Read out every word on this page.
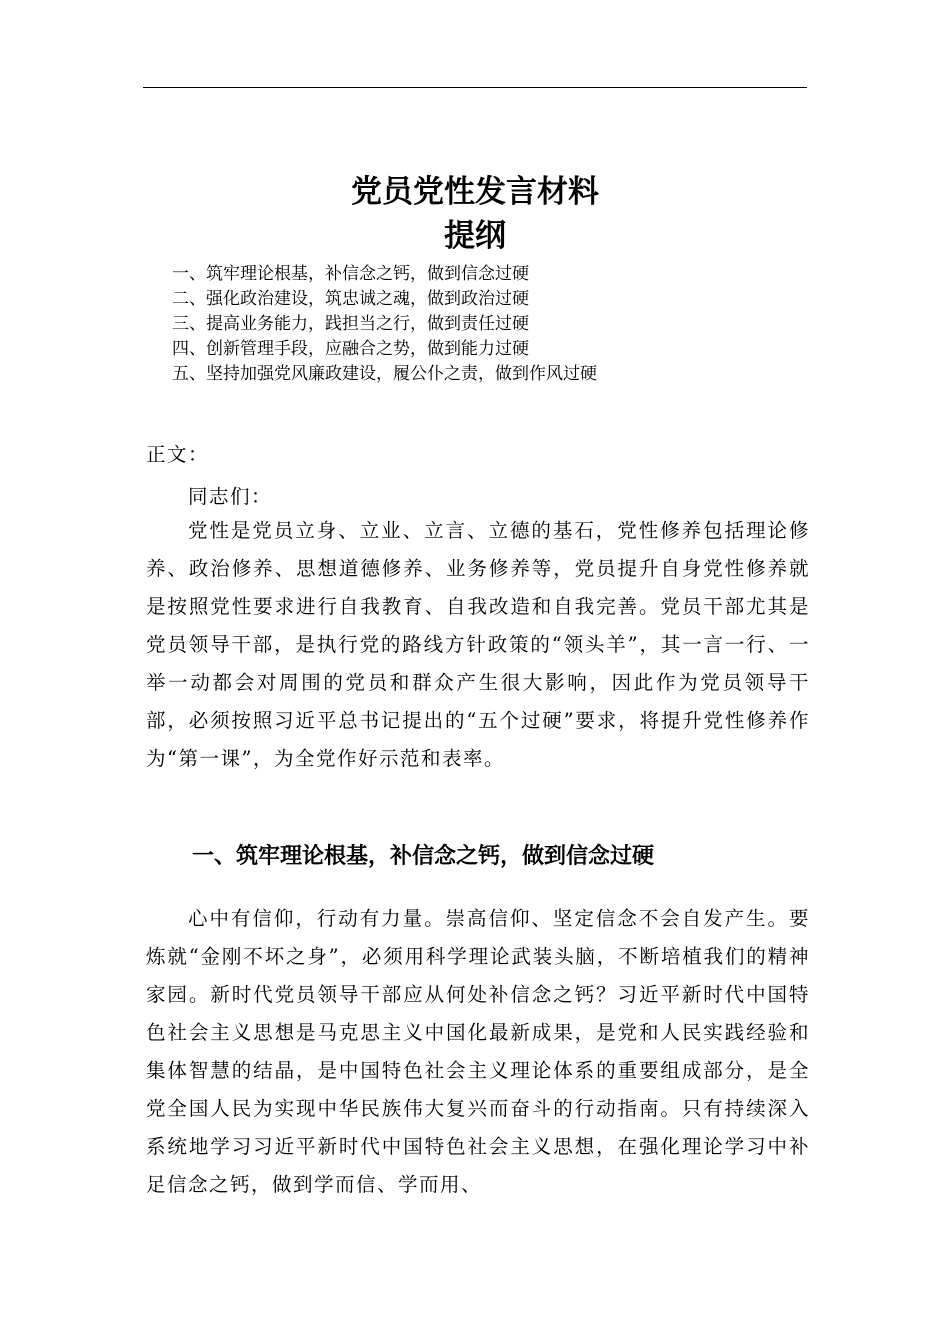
党员党性发言材料
提纲
一、筑牢理论根基，补信念之钙，做到信念过硬
二、强化政治建设，筑忠诚之魂，做到政治过硬
三、提高业务能力，践担当之行，做到责任过硬
四、创新管理手段，应融合之势，做到能力过硬
五、坚持加强党风廉政建设，履公仆之责，做到作风过硬

正文：

同志们：

党性是党员立身、立业、立言、立德的基石，党性修养包括理论修养、政治修养、思想道德修养、业务修养等，党员提升自身党性修养就是按照党性要求进行自我教育、自我改造和自我完善。党员干部尤其是党员领导干部，是执行党的路线方针政策的“领头羊”，其一言一行、一举一动都会对周围的党员和群众产生很大影响，因此作为党员领导干部，必须按照习近平总书记提出的“五个过硬”要求，将提升党性修养作为“第一课”，为全党作好示范和表率。

一、筑牢理论根基，补信念之钙，做到信念过硬

心中有信仰，行动有力量。崇高信仰、坚定信念不会自发产生。要炼就“金刚不坏之身”，必须用科学理论武装头脑，不断培植我们的精神家园。新时代党员领导干部应从何处补信念之钙？习近平新时代中国特色社会主义思想是马克思主义中国化最新成果，是党和人民实践经验和集体智慧的结晶，是中国特色社会主义理论体系的重要组成部分，是全党全国人民为实现中华民族伟大复兴而奋斗的行动指南。只有持续深入系统地学习习近平新时代中国特色社会主义思想，在强化理论学习中补足信念之钙，做到学而信、学而用、
